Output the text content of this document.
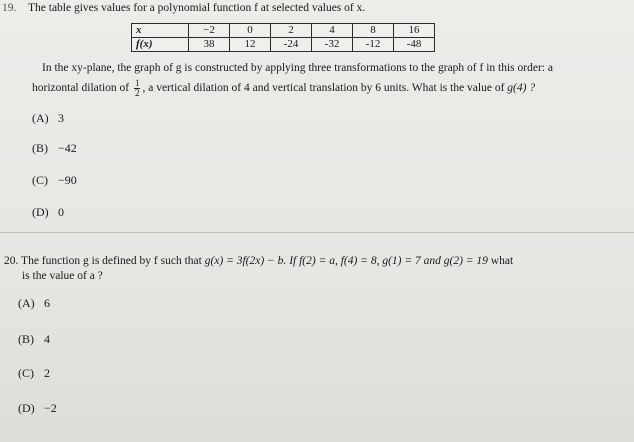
19. The table gives values for a polynomial function f at selected values of x.
x	−2	0	2	4	8	16
f(x)	38	12	-24	-32	-12	-48
In the xy-plane, the graph of g is constructed by applying three transformations to the graph of f in this order: a
horizontal dilation of $\frac{1}{2}$ , a vertical dilation of 4 and vertical translation by 6 units. What is the value of g(4) ?
(A) 3
(B) −42
(C) −90
(D) 0
20. The function g is defined by f such that g(x) = 3f(2x) − b. If f(2) = a, f(4) = 8, g(1) = 7 and g(2) = 19 what
is the value of a ?
(A) 6
(B) 4
(C) 2
(D) −2
